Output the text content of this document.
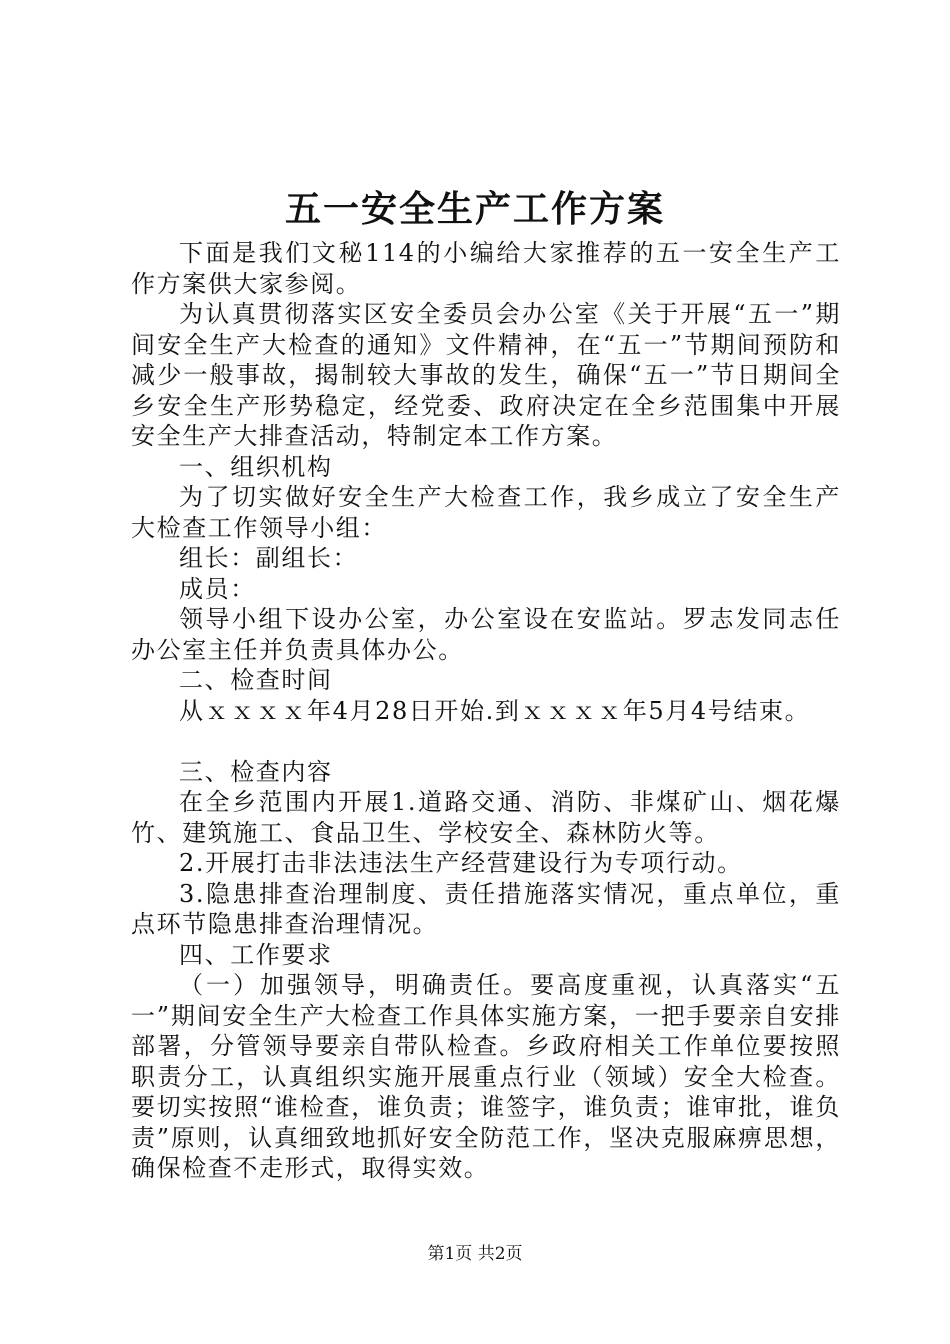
五一安全生产工作方案

下面是我们文秘114的小编给大家推荐的五一安全生产工作方案供大家参阅。

为认真贯彻落实区安全委员会办公室《关于开展“五一”期间安全生产大检查的通知》文件精神，在“五一”节期间预防和减少一般事故，揭制较大事故的发生，确保“五一”节日期间全乡安全生产形势稳定，经党委、政府决定在全乡范围集中开展安全生产大排查活动，特制定本工作方案。

一、组织机构

为了切实做好安全生产大检查工作，我乡成立了安全生产大检查工作领导小组：

组长：副组长：

成员：

领导小组下设办公室，办公室设在安监站。罗志发同志任办公室主任并负责具体办公。

二、检查时间

从ｘｘｘｘ年4月28日开始.到ｘｘｘｘ年5月4号结束。

三、检查内容

在全乡范围内开展1.道路交通、消防、非煤矿山、烟花爆竹、建筑施工、食品卫生、学校安全、森林防火等。

2.开展打击非法违法生产经营建设行为专项行动。

3.隐患排查治理制度、责任措施落实情况，重点单位，重点环节隐患排查治理情况。

四、工作要求

（一）加强领导，明确责任。要高度重视，认真落实“五一”期间安全生产大检查工作具体实施方案，一把手要亲自安排部署，分管领导要亲自带队检查。乡政府相关工作单位要按照职责分工，认真组织实施开展重点行业（领域）安全大检查。要切实按照“谁检查，谁负责；谁签字，谁负责；谁审批，谁负责”原则，认真细致地抓好安全防范工作，坚决克服麻痹思想，确保检查不走形式，取得实效。

第1页 共2页
